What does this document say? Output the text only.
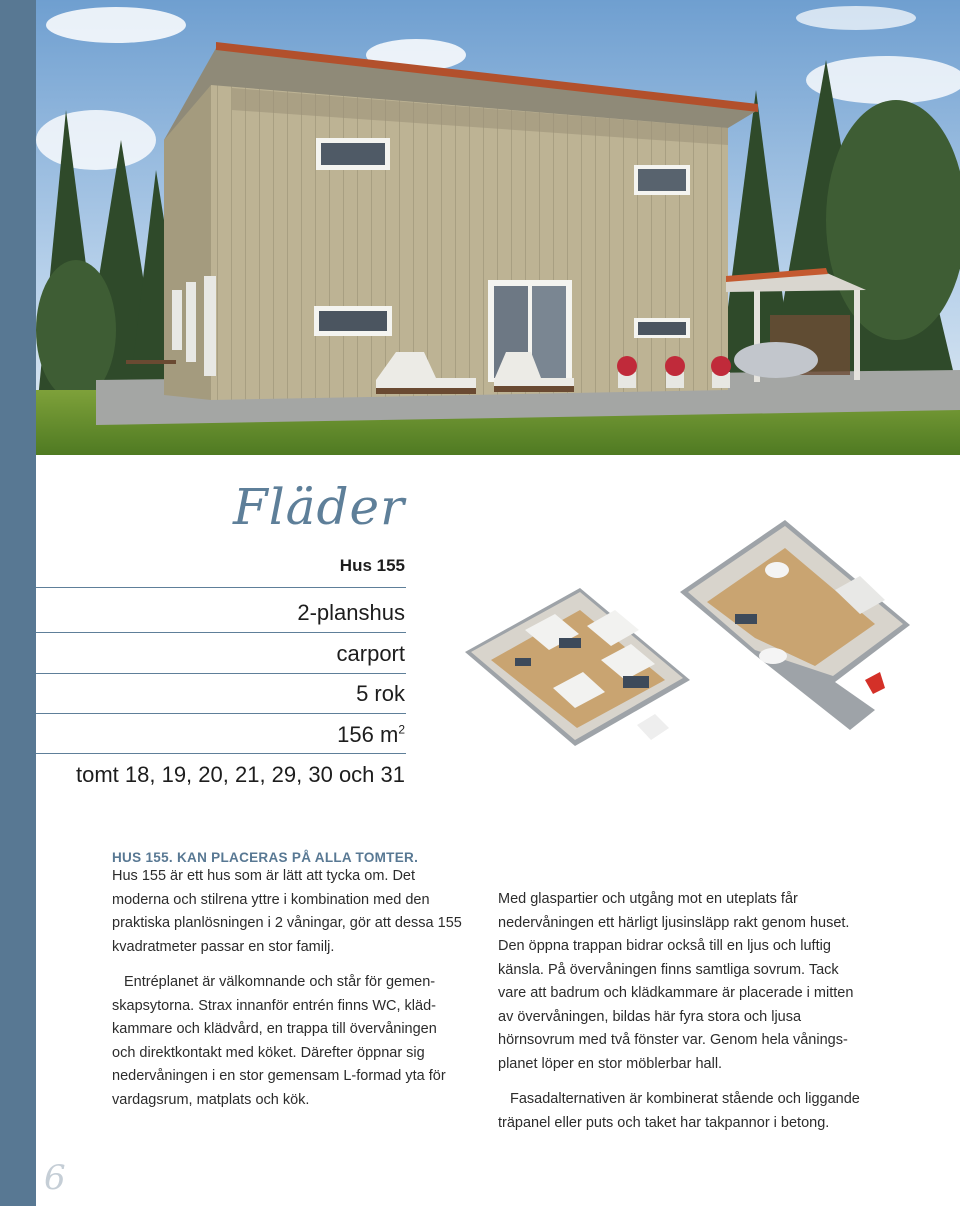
Fläder
Hus 155
2-planshus
carport
5 rok
156 $m^2$
tomt 18, 19, 20, 21, 29, 30 och 31
HUS 155. KAN PLACERAS PÅ ALLA TOMTER.

Hus 155 är ett hus som är lätt att tycka om. Det moderna och stilrena yttre i kombination med den praktiska planlösningen i 2 våningar, gör att dessa 155 kvadratmeter passar en stor familj.

Entréplanet är välkomnande och står för gemenskapsytorna. Strax innanför entrén finns WC, klädkammare och klädvård, en trappa till övervåningen och direktkontakt med köket. Därefter öppnar sig nedervåningen i en stor gemensam L-formad yta för vardagsrum, matplats och kök.

Med glaspartier och utgång mot en uteplats får nedervåningen ett härligt ljusinsläpp rakt genom huset. Den öppna trappan bidrar också till en ljus och luftig känsla. På övervåningen finns samtliga sovrum. Tack vare att badrum och klädkammare är placerade i mitten av övervåningen, bildas här fyra stora och ljusa hörnsovrum med två fönster var. Genom hela våningsplanet löper en stor möblerbar hall.

Fasadalternativen är kombinerat stående och liggande träpanel eller puts och taket har takpannor i betong.

6
